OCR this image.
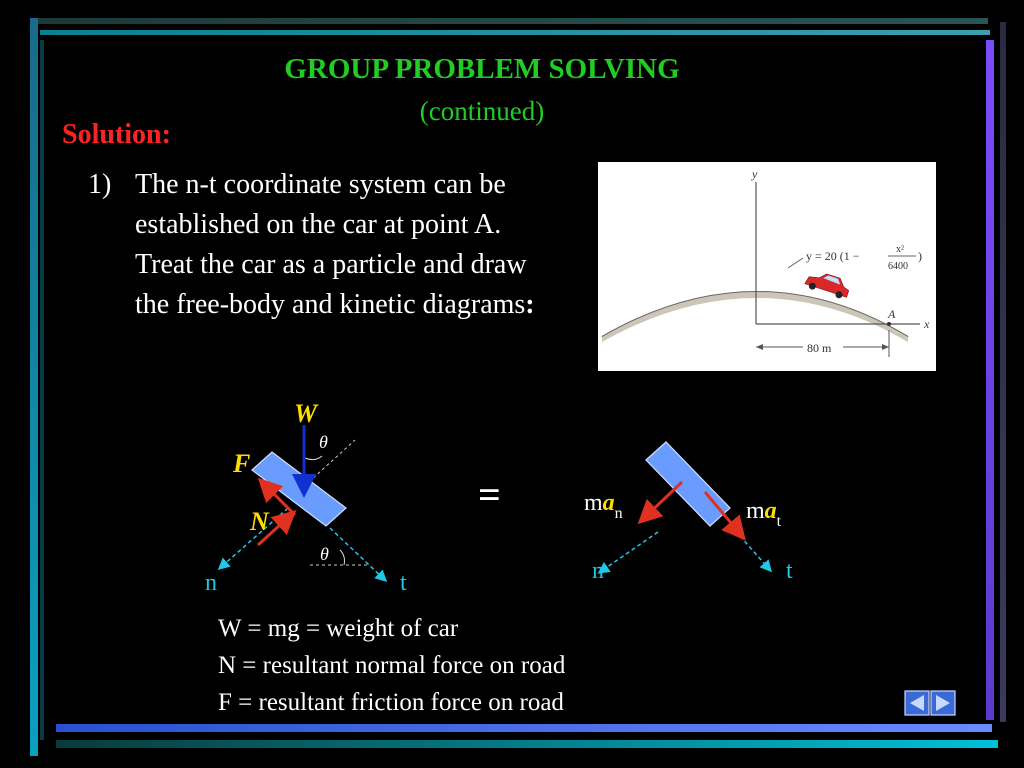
GROUP PROBLEM SOLVING
(continued)
Solution:
1) The n-t coordinate system can be established on the car at point A. Treat the car as a particle and draw the free-body and kinetic diagrams:
y
x
A
80 m
y = 20 (1 −	x²
6400
)
W
F
N
θ
θ
n	t
=	$ma_n$	$ma_t$
n	t
W = mg = weight of car
N = resultant normal force on road
F = resultant friction force on road
